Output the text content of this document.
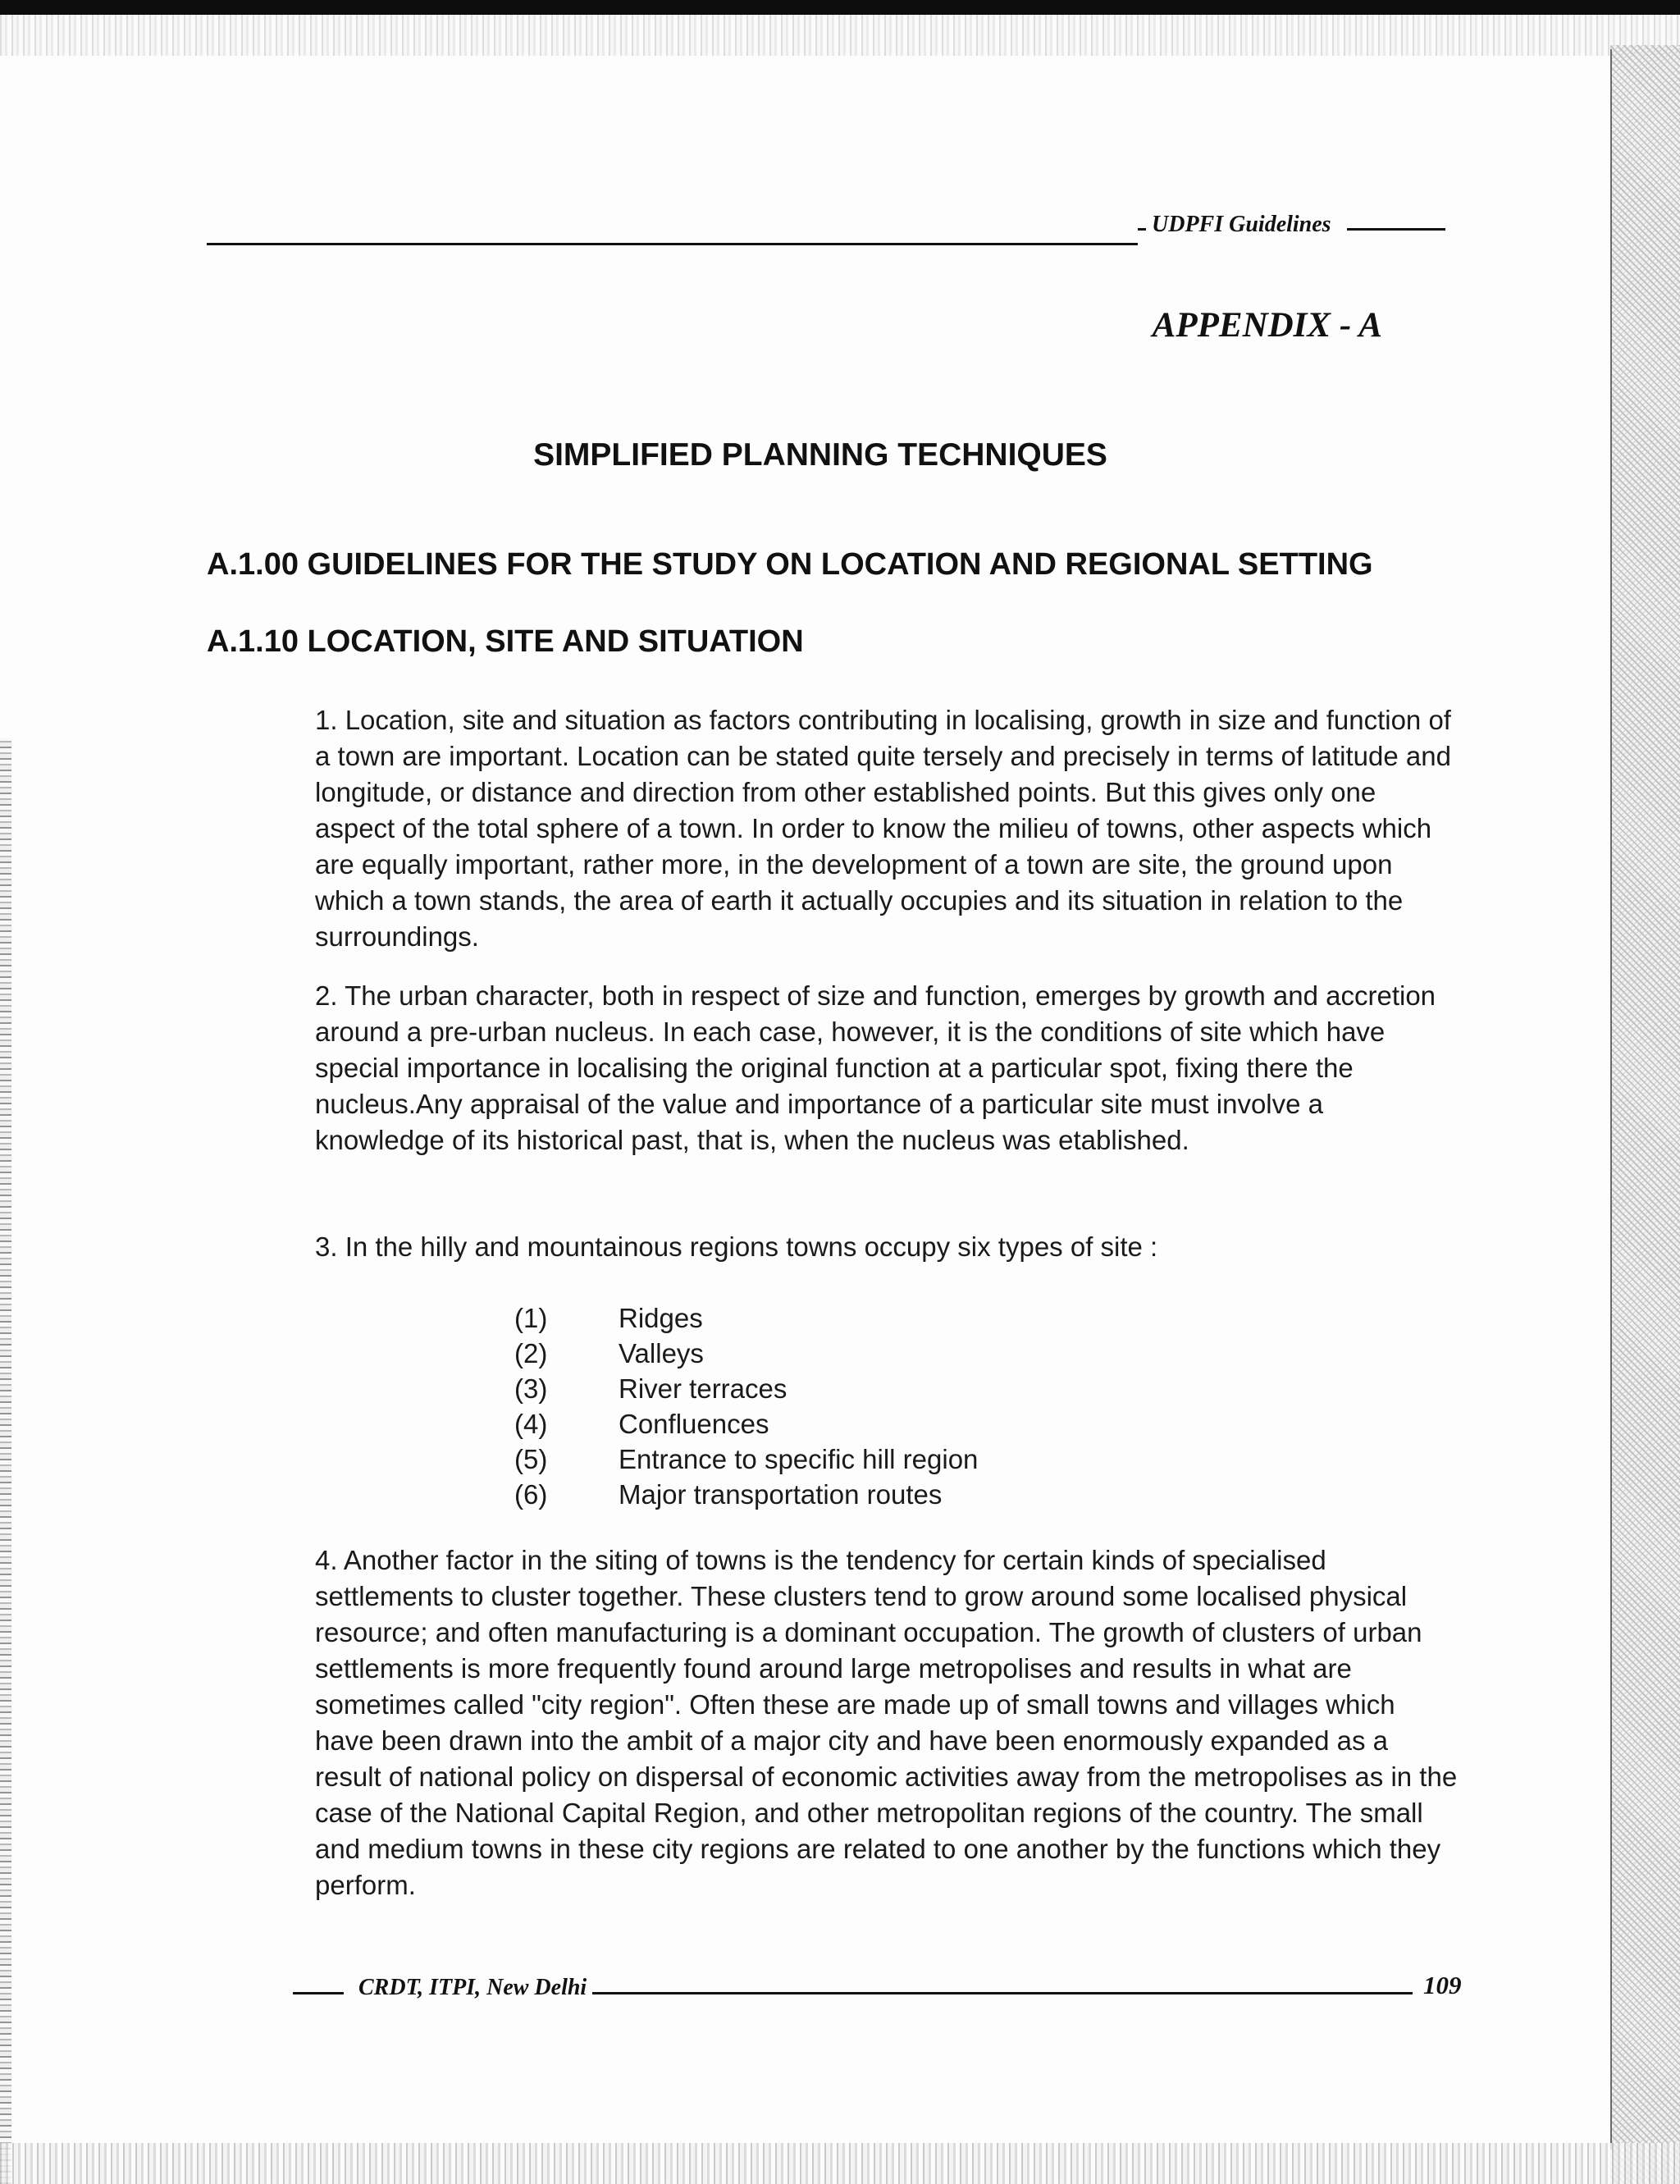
UDPFI Guidelines
APPENDIX - A
SIMPLIFIED PLANNING TECHNIQUES
A.1.00 GUIDELINES FOR THE STUDY ON LOCATION AND REGIONAL SETTING
A.1.10 LOCATION, SITE AND SITUATION

1. Location, site and situation as factors contributing in localising, growth in size and function of a town are important. Location can be stated quite tersely and precisely in terms of latitude and longitude, or distance and direction from other established points. But this gives only one aspect of the total sphere of a town. In order to know the milieu of towns, other aspects which are equally important, rather more, in the development of a town are site, the ground upon which a town stands, the area of earth it actually occupies and its situation in relation to the surroundings.

2. The urban character, both in respect of size and function, emerges by growth and accretion around a pre-urban nucleus. In each case, however, it is the conditions of site which have special importance in localising the original function at a particular spot, fixing there the nucleus.Any appraisal of the value and importance of a particular site must involve a knowledge of its historical past, that is, when the nucleus was etablished.

3. In the hilly and mountainous regions towns occupy six types of site :

(1)	Ridges
(2)	Valleys
(3)	River terraces
(4)	Confluences
(5)	Entrance to specific hill region
(6)	Major transportation routes

4. Another factor in the siting of towns is the tendency for certain kinds of specialised settlements to cluster together. These clusters tend to grow around some localised physical resource; and often manufacturing is a dominant occupation. The growth of clusters of urban settlements is more frequently found around large metropolises and results in what are sometimes called "city region". Often these are made up of small towns and villages which have been drawn into the ambit of a major city and have been enormously expanded as a result of national policy on dispersal of economic activities away from the metropolises as in the case of the National Capital Region, and other metropolitan regions of the country. The small and medium towns in these city regions are related to one another by the functions which they perform.

CRDT, ITPI, New Delhi	109
